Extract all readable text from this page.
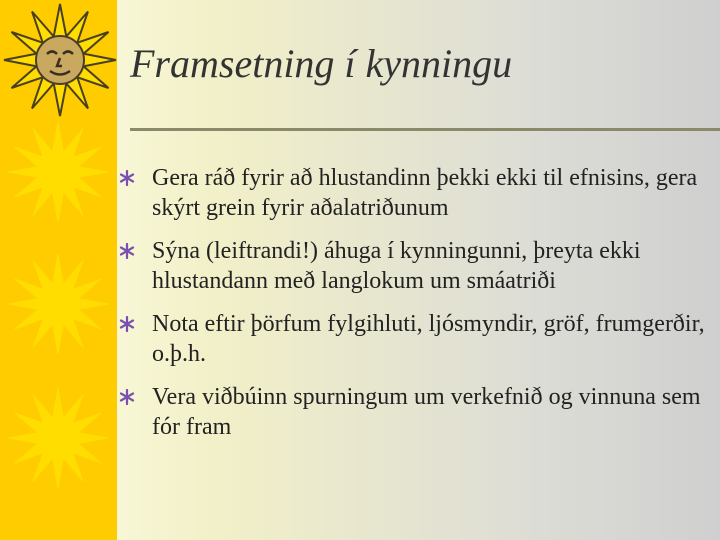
Framsetning í kynningu
Gera ráð fyrir að hlustandinn þekki ekki til efnisins, gera skýrt grein fyrir aðalatriðunum
Sýna (leiftrandi!) áhuga í kynningunni, þreyta ekki hlustandann með langlokum um smáatriði
Nota eftir þörfum fylgihluti, ljósmyndir, gröf, frumgerðir, o.þ.h.
Vera viðbúinn spurningum um verkefnið og vinnuna sem fór fram
